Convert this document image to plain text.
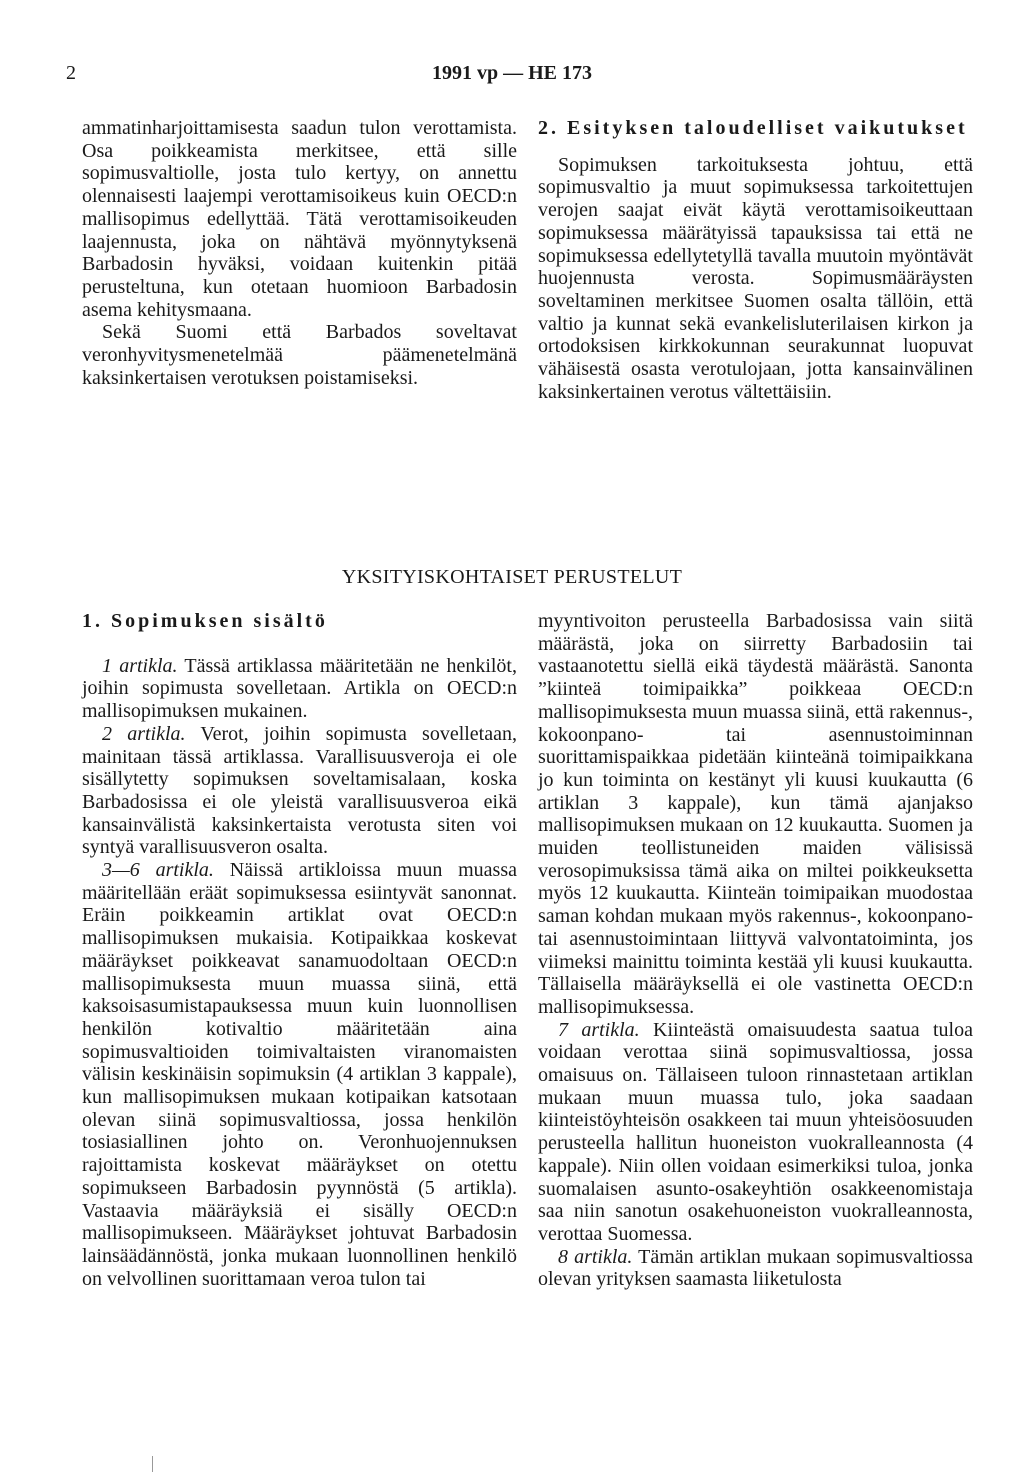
2	1991 vp — HE 173

ammatinharjoittamisesta saadun tulon verottamista. Osa poikkeamista merkitsee, että sille sopimusvaltiolle, josta tulo kertyy, on annettu olennaisesti laajempi verottamisoikeus kuin OECD:n mallisopimus edellyttää. Tätä verottamisoikeuden laajennusta, joka on nähtävä myönnytyksenä Barbadosin hyväksi, voidaan kuitenkin pitää perusteltuna, kun otetaan huomioon Barbadosin asema kehitysmaana.

Sekä Suomi että Barbados soveltavat veronhyvitysmenetelmää päämenetelmänä kaksinkertaisen verotuksen poistamiseksi.

2. Esityksen taloudelliset vaikutukset

Sopimuksen tarkoituksesta johtuu, että sopimusvaltio ja muut sopimuksessa tarkoitettujen verojen saajat eivät käytä verottamisoikeuttaan sopimuksessa määrätyissä tapauksissa tai että ne sopimuksessa edellytetyllä tavalla muutoin myöntävät huojennusta verosta. Sopimusmääräysten soveltaminen merkitsee Suomen osalta tällöin, että valtio ja kunnat sekä evankelisluterilaisen kirkon ja ortodoksisen kirkkokunnan seurakunnat luopuvat vähäisestä osasta verotulojaan, jotta kansainvälinen kaksinkertainen verotus vältettäisiin.

YKSITYISKOHTAISET PERUSTELUT

1. Sopimuksen sisältö

1 artikla. Tässä artiklassa määritetään ne henkilöt, joihin sopimusta sovelletaan. Artikla on OECD:n mallisopimuksen mukainen.

2 artikla. Verot, joihin sopimusta sovelletaan, mainitaan tässä artiklassa. Varallisuusveroja ei ole sisällytetty sopimuksen soveltamisalaan, koska Barbadosissa ei ole yleistä varallisuusveroa eikä kansainvälistä kaksinkertaista verotusta siten voi syntyä varallisuusveron osalta.

3—6 artikla. Näissä artikloissa muun muassa määritellään eräät sopimuksessa esiintyvät sanonnat. Eräin poikkeamin artiklat ovat OECD:n mallisopimuksen mukaisia. Kotipaikkaa koskevat määräykset poikkeavat sanamuodoltaan OECD:n mallisopimuksesta muun muassa siinä, että kaksoisasumistapauksessa muun kuin luonnollisen henkilön kotivaltio määritetään aina sopimusvaltioiden toimivaltaisten viranomaisten välisin keskinäisin sopimuksin (4 artiklan 3 kappale), kun mallisopimuksen mukaan kotipaikan katsotaan olevan siinä sopimusvaltiossa, jossa henkilön tosiasiallinen johto on. Veronhuojennuksen rajoittamista koskevat määräykset on otettu sopimukseen Barbadosin pyynnöstä (5 artikla). Vastaavia määräyksiä ei sisälly OECD:n mallisopimukseen. Määräykset johtuvat Barbadosin lainsäädännöstä, jonka mukaan luonnollinen henkilö on velvollinen suorittamaan veroa tulon tai

myyntivoiton perusteella Barbadosissa vain siitä määrästä, joka on siirretty Barbadosiin tai vastaanotettu siellä eikä täydestä määrästä. Sanonta ”kiinteä toimipaikka” poikkeaa OECD:n mallisopimuksesta muun muassa siinä, että rakennus-, kokoonpano- tai asennustoiminnan suorittamispaikkaa pidetään kiinteänä toimipaikkana jo kun toiminta on kestänyt yli kuusi kuukautta (6 artiklan 3 kappale), kun tämä ajanjakso mallisopimuksen mukaan on 12 kuukautta. Suomen ja muiden teollistuneiden maiden välisissä verosopimuksissa tämä aika on miltei poikkeuksetta myös 12 kuukautta. Kiinteän toimipaikan muodostaa saman kohdan mukaan myös rakennus-, kokoonpano- tai asennustoimintaan liittyvä valvontatoiminta, jos viimeksi mainittu toiminta kestää yli kuusi kuukautta. Tällaisella määräyksellä ei ole vastinetta OECD:n mallisopimuksessa.

7 artikla. Kiinteästä omaisuudesta saatua tuloa voidaan verottaa siinä sopimusvaltiossa, jossa omaisuus on. Tällaiseen tuloon rinnastetaan artiklan mukaan muun muassa tulo, joka saadaan kiinteistöyhteisön osakkeen tai muun yhteisöosuuden perusteella hallitun huoneiston vuokralleannosta (4 kappale). Niin ollen voidaan esimerkiksi tuloa, jonka suomalaisen asunto-osakeyhtiön osakkeenomistaja saa niin sanotun osakehuoneiston vuokralleannosta, verottaa Suomessa.

8 artikla. Tämän artiklan mukaan sopimusvaltiossa olevan yrityksen saamasta liiketulosta
